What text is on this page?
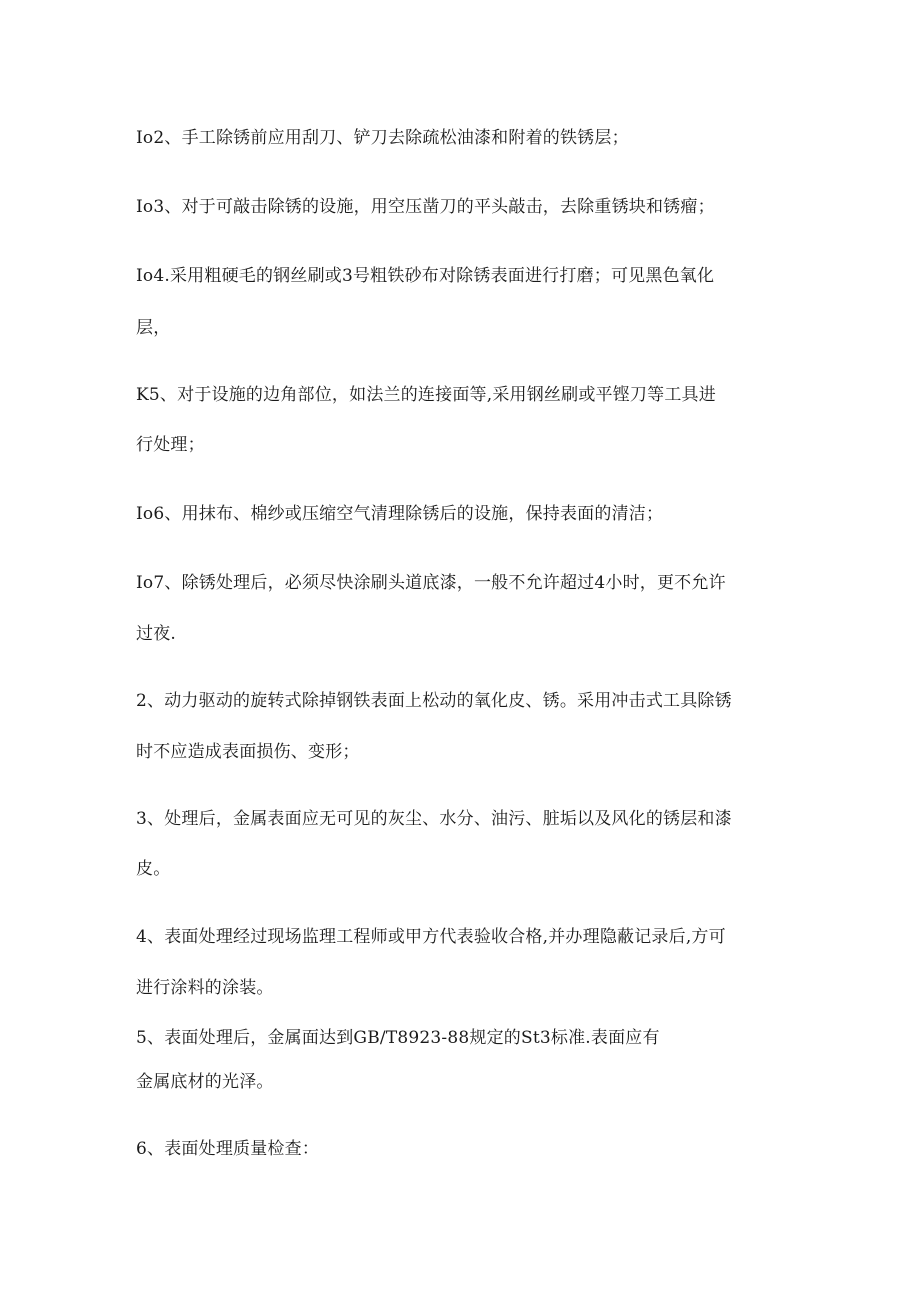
Io2、手工除锈前应用刮刀、铲刀去除疏松油漆和附着的铁锈层；
Io3、对于可敲击除锈的设施，用空压凿刀的平头敲击，去除重锈块和锈瘤；
Io4.采用粗硬毛的钢丝刷或3号粗铁砂布对除锈表面进行打磨；可见黑色氧化
层，
K5、对于设施的边角部位，如法兰的连接面等,采用钢丝刷或平铿刀等工具进
行处理；
Io6、用抹布、棉纱或压缩空气清理除锈后的设施，保持表面的清洁；
Io7、除锈处理后，必须尽快涂刷头道底漆，一般不允许超过4小时，更不允许
过夜.
2、动力驱动的旋转式除掉钢铁表面上松动的氧化皮、锈。采用冲击式工具除锈
时不应造成表面损伤、变形；
3、处理后，金属表面应无可见的灰尘、水分、油污、脏垢以及风化的锈层和漆
皮。
4、表面处理经过现场监理工程师或甲方代表验收合格,并办理隐蔽记录后,方可
进行涂料的涂装。
5、表面处理后，金属面达到GB/T8923-88规定的St3标准.表面应有
金属底材的光泽。
6、表面处理质量检查：
